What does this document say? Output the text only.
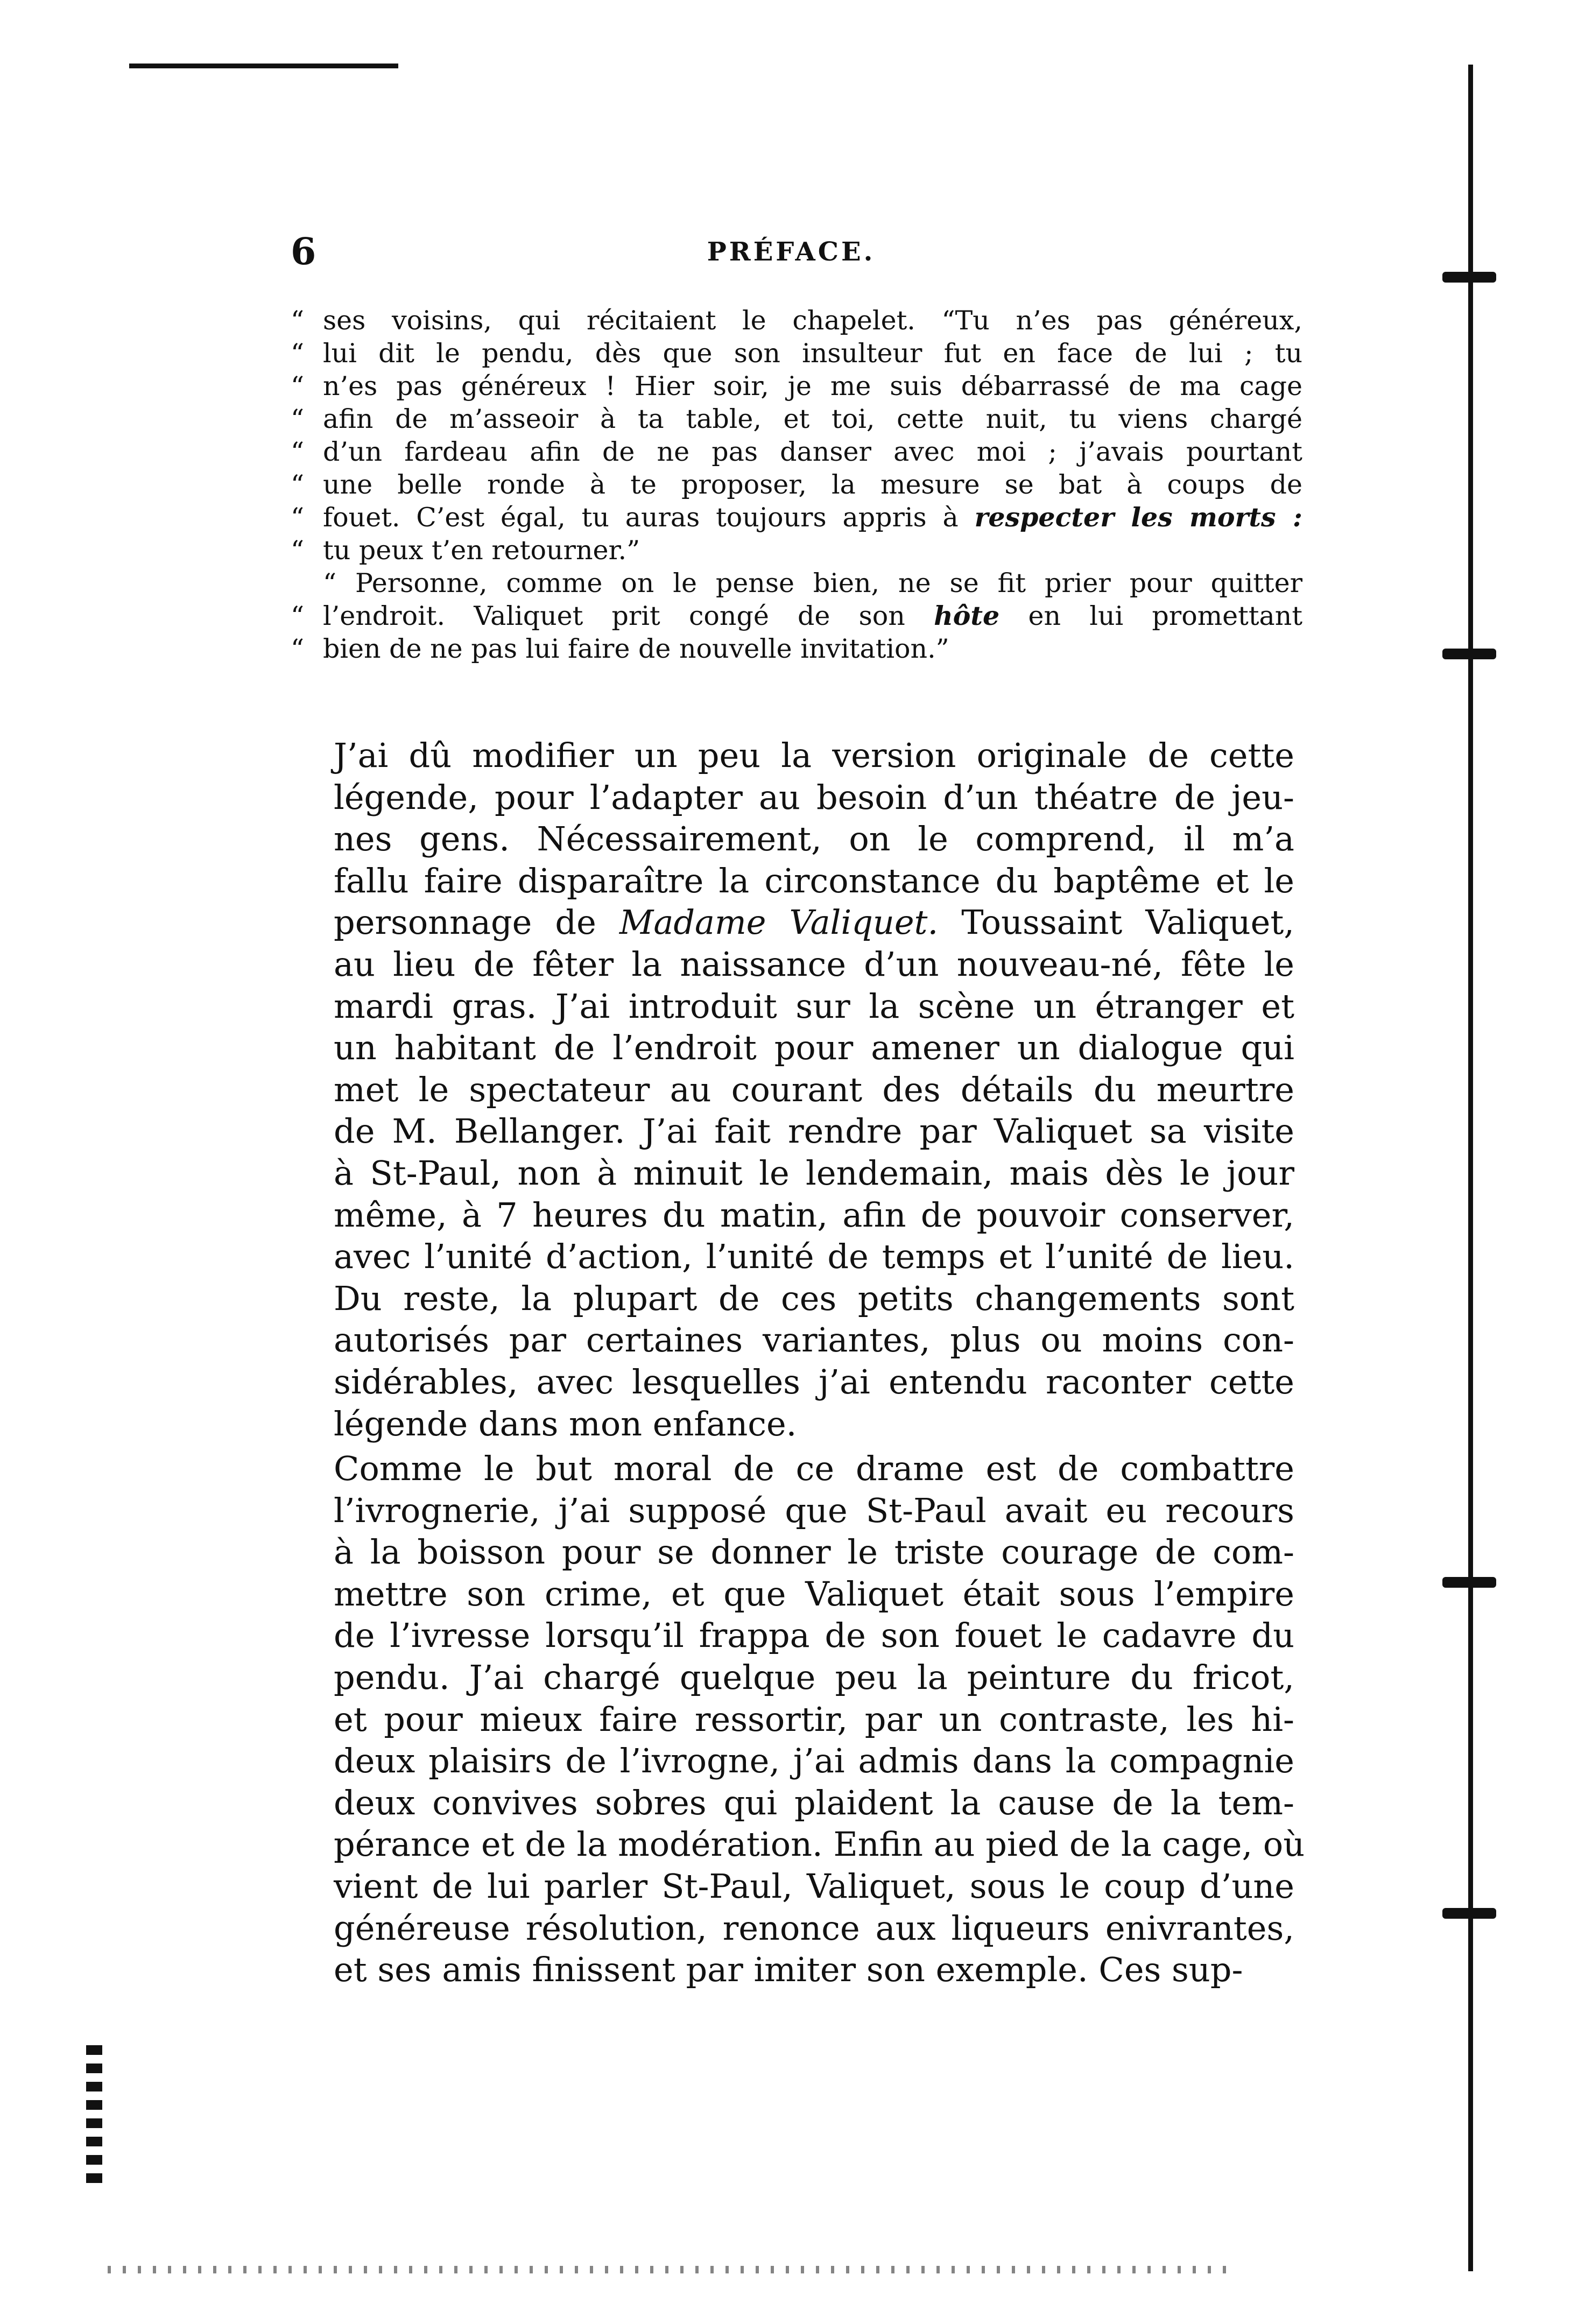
6	PRÉFACE.
“ ses voisins, qui récitaient le chapelet. “Tu n’es pas généreux,
“ lui dit le pendu, dès que son insulteur fut en face de lui ; tu
“ n’es pas généreux ! Hier soir, je me suis débarrassé de ma cage
“ afin de m’asseoir à ta table, et toi, cette nuit, tu viens chargé
“ d’un fardeau afin de ne pas danser avec moi ; j’avais pourtant
“ une belle ronde à te proposer, la mesure se bat à coups de
“ fouet. C’est égal, tu auras toujours appris à respecter les morts :
“ tu peux t’en retourner.”
“ Personne, comme on le pense bien, ne se fit prier pour quitter
“ l’endroit. Valiquet prit congé de son hôte en lui promettant
“ bien de ne pas lui faire de nouvelle invitation.”

J’ai dû modifier un peu la version originale de cette
légende, pour l’adapter au besoin d’un théatre de jeu-
nes gens. Nécessairement, on le comprend, il m’a
fallu faire disparaître la circonstance du baptême et le
personnage de Madame Valiquet. Toussaint Valiquet,
au lieu de fêter la naissance d’un nouveau-né, fête le
mardi gras. J’ai introduit sur la scène un étranger et
un habitant de l’endroit pour amener un dialogue qui
met le spectateur au courant des détails du meurtre
de M. Bellanger. J’ai fait rendre par Valiquet sa visite
à St-Paul, non à minuit le lendemain, mais dès le jour
même, à 7 heures du matin, afin de pouvoir conserver,
avec l’unité d’action, l’unité de temps et l’unité de lieu.
Du reste, la plupart de ces petits changements sont
autorisés par certaines variantes, plus ou moins con-
sidérables, avec lesquelles j’ai entendu raconter cette
légende dans mon enfance.

Comme le but moral de ce drame est de combattre
l’ivrognerie, j’ai supposé que St-Paul avait eu recours
à la boisson pour se donner le triste courage de com-
mettre son crime, et que Valiquet était sous l’empire
de l’ivresse lorsqu’il frappa de son fouet le cadavre du
pendu. J’ai chargé quelque peu la peinture du fricot,
et pour mieux faire ressortir, par un contraste, les hi-
deux plaisirs de l’ivrogne, j’ai admis dans la compagnie
deux convives sobres qui plaident la cause de la tem-
pérance et de la modération. Enfin au pied de la cage, où
vient de lui parler St-Paul, Valiquet, sous le coup d’une
généreuse résolution, renonce aux liqueurs enivrantes,
et ses amis finissent par imiter son exemple. Ces sup-
